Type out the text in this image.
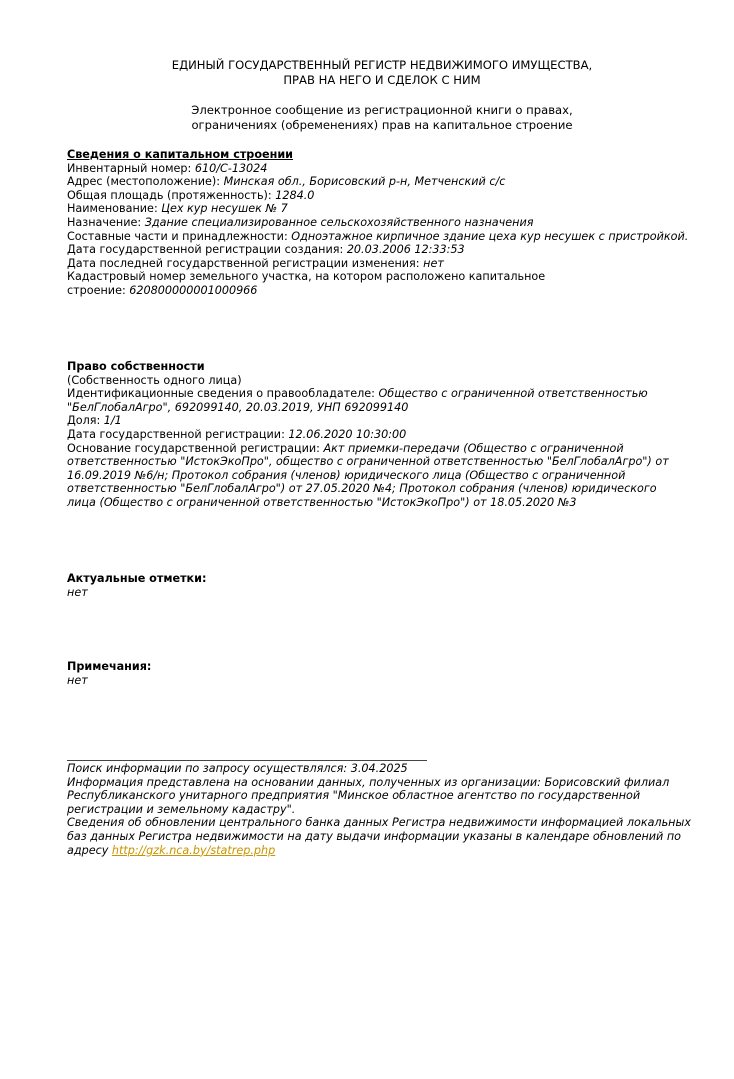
ЕДИНЫЙ ГОСУДАРСТВЕННЫЙ РЕГИСТР НЕДВИЖИМОГО ИМУЩЕСТВА,
ПРАВ НА НЕГО И СДЕЛОК С НИМ
Электронное сообщение из регистрационной книги о правах,
ограничениях (обременениях) прав на капитальное строение
Сведения о капитальном строении
Инвентарный номер: 610/C-13024
Адрес (местоположение): Минская обл., Борисовский р-н, Метченский с/с
Общая площадь (протяженность): 1284.0
Наименование: Цех кур несушек № 7
Назначение: Здание специализированное сельскохозяйственного назначения
Составные части и принадлежности: Одноэтажное кирпичное здание цеха кур несушек с пристройкой.
Дата государственной регистрации создания: 20.03.2006 12:33:53
Дата последней государственной регистрации изменения: нет
Кадастровый номер земельного участка, на котором расположено капитальное строение: 620800000001000966
Право собственности
(Собственность одного лица)
Идентификационные сведения о правообладателе: Общество с ограниченной ответственностью "БелГлобалАгро", 692099140, 20.03.2019, УНП 692099140
Доля: 1/1
Дата государственной регистрации: 12.06.2020 10:30:00
Основание государственной регистрации: Акт приемки-передачи (Общество с ограниченной ответственностью "ИстокЭкоПро", общество с ограниченной ответственностью "БелГлобалАгро") от 16.09.2019 №6/н; Протокол собрания (членов) юридического лица (Общество с ограниченной ответственностью "БелГлобалАгро") от 27.05.2020 №4; Протокол собрания (членов) юридического лица (Общество с ограниченной ответственностью "ИстокЭкоПро") от 18.05.2020 №3
Актуальные отметки:
нет
Примечания:
нет
Поиск информации по запросу осуществлялся: 3.04.2025
Информация представлена на основании данных, полученных из организации: Борисовский филиал Республиканского унитарного предприятия "Минское областное агентство по государственной регистрации и земельному кадастру".
Сведения об обновлении центрального банка данных Регистра недвижимости информацией локальных баз данных Регистра недвижимости на дату выдачи информации указаны в календаре обновлений по адресу http://gzk.nca.by/statrep.php
